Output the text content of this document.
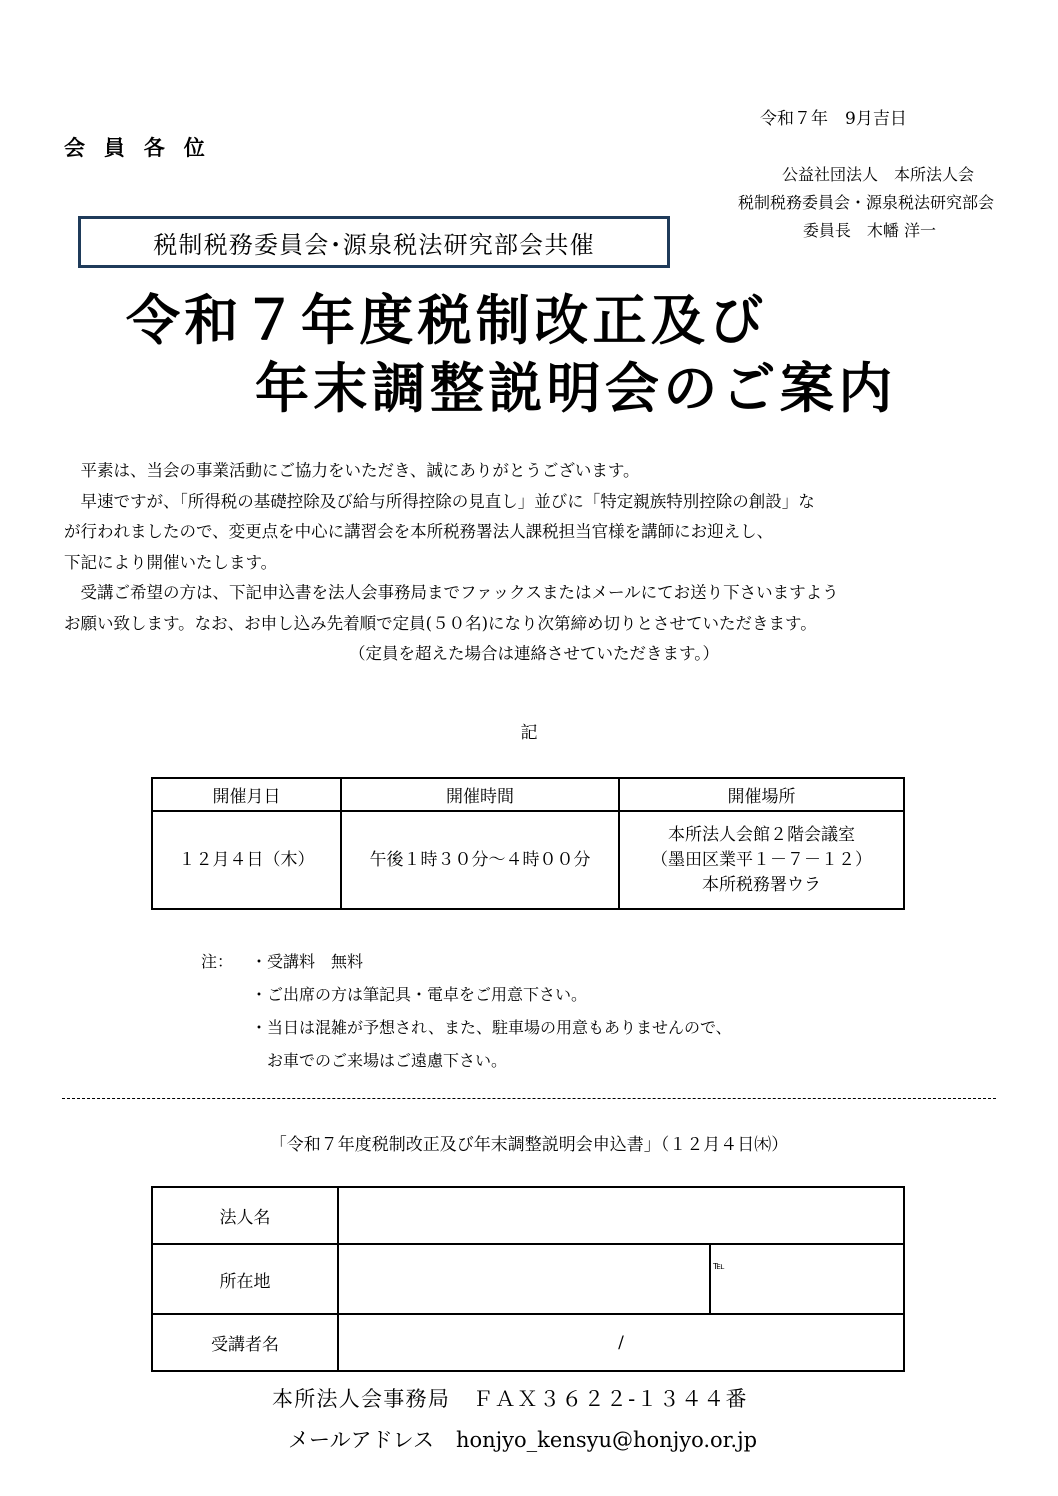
令和７年　9月吉日
会員各位
公益社団法人　本所法人会
税制税務委員会・源泉税法研究部会
委員長　木幡 洋一
税制税務委員会･源泉税法研究部会共催
令和７年度税制改正及び
年末調整説明会のご案内

　平素は、当会の事業活動にご協力をいただき、誠にありがとうございます。

　早速ですが、「所得税の基礎控除及び給与所得控除の見直し」並びに「特定親族特別控除の創設」な

が行われましたので、変更点を中心に講習会を本所税務署法人課税担当官様を講師にお迎えし、

下記により開催いたします。

　受講ご希望の方は、下記申込書を法人会事務局までファックスまたはメールにてお送り下さいますよう

お願い致します。なお、お申し込み先着順で定員(５０名)になり次第締め切りとさせていただきます。

（定員を超えた場合は連絡させていただきます。）

記
開催月日	開催時間	開催場所
１２月４日（木）	午後１時３０分～４時００分	本所法人会館２階会議室
（墨田区業平１－７－１２）
本所税務署ウラ
注：	・受講料　無料
・ご出席の方は筆記具・電卓をご用意下さい。
・当日は混雑が予想され、また、駐車場の用意もありませんので、
　お車でのご来場はご遠慮下さい。
「令和７年度税制改正及び年末調整説明会申込書」（１２月４日㈭）
法人名		
所在地		℡
受講者名	/	
本所法人会事務局　ＦＡＸ３６２２-１３４４番
メールアドレス honjyo_kensyu@honjyo.or.jp
